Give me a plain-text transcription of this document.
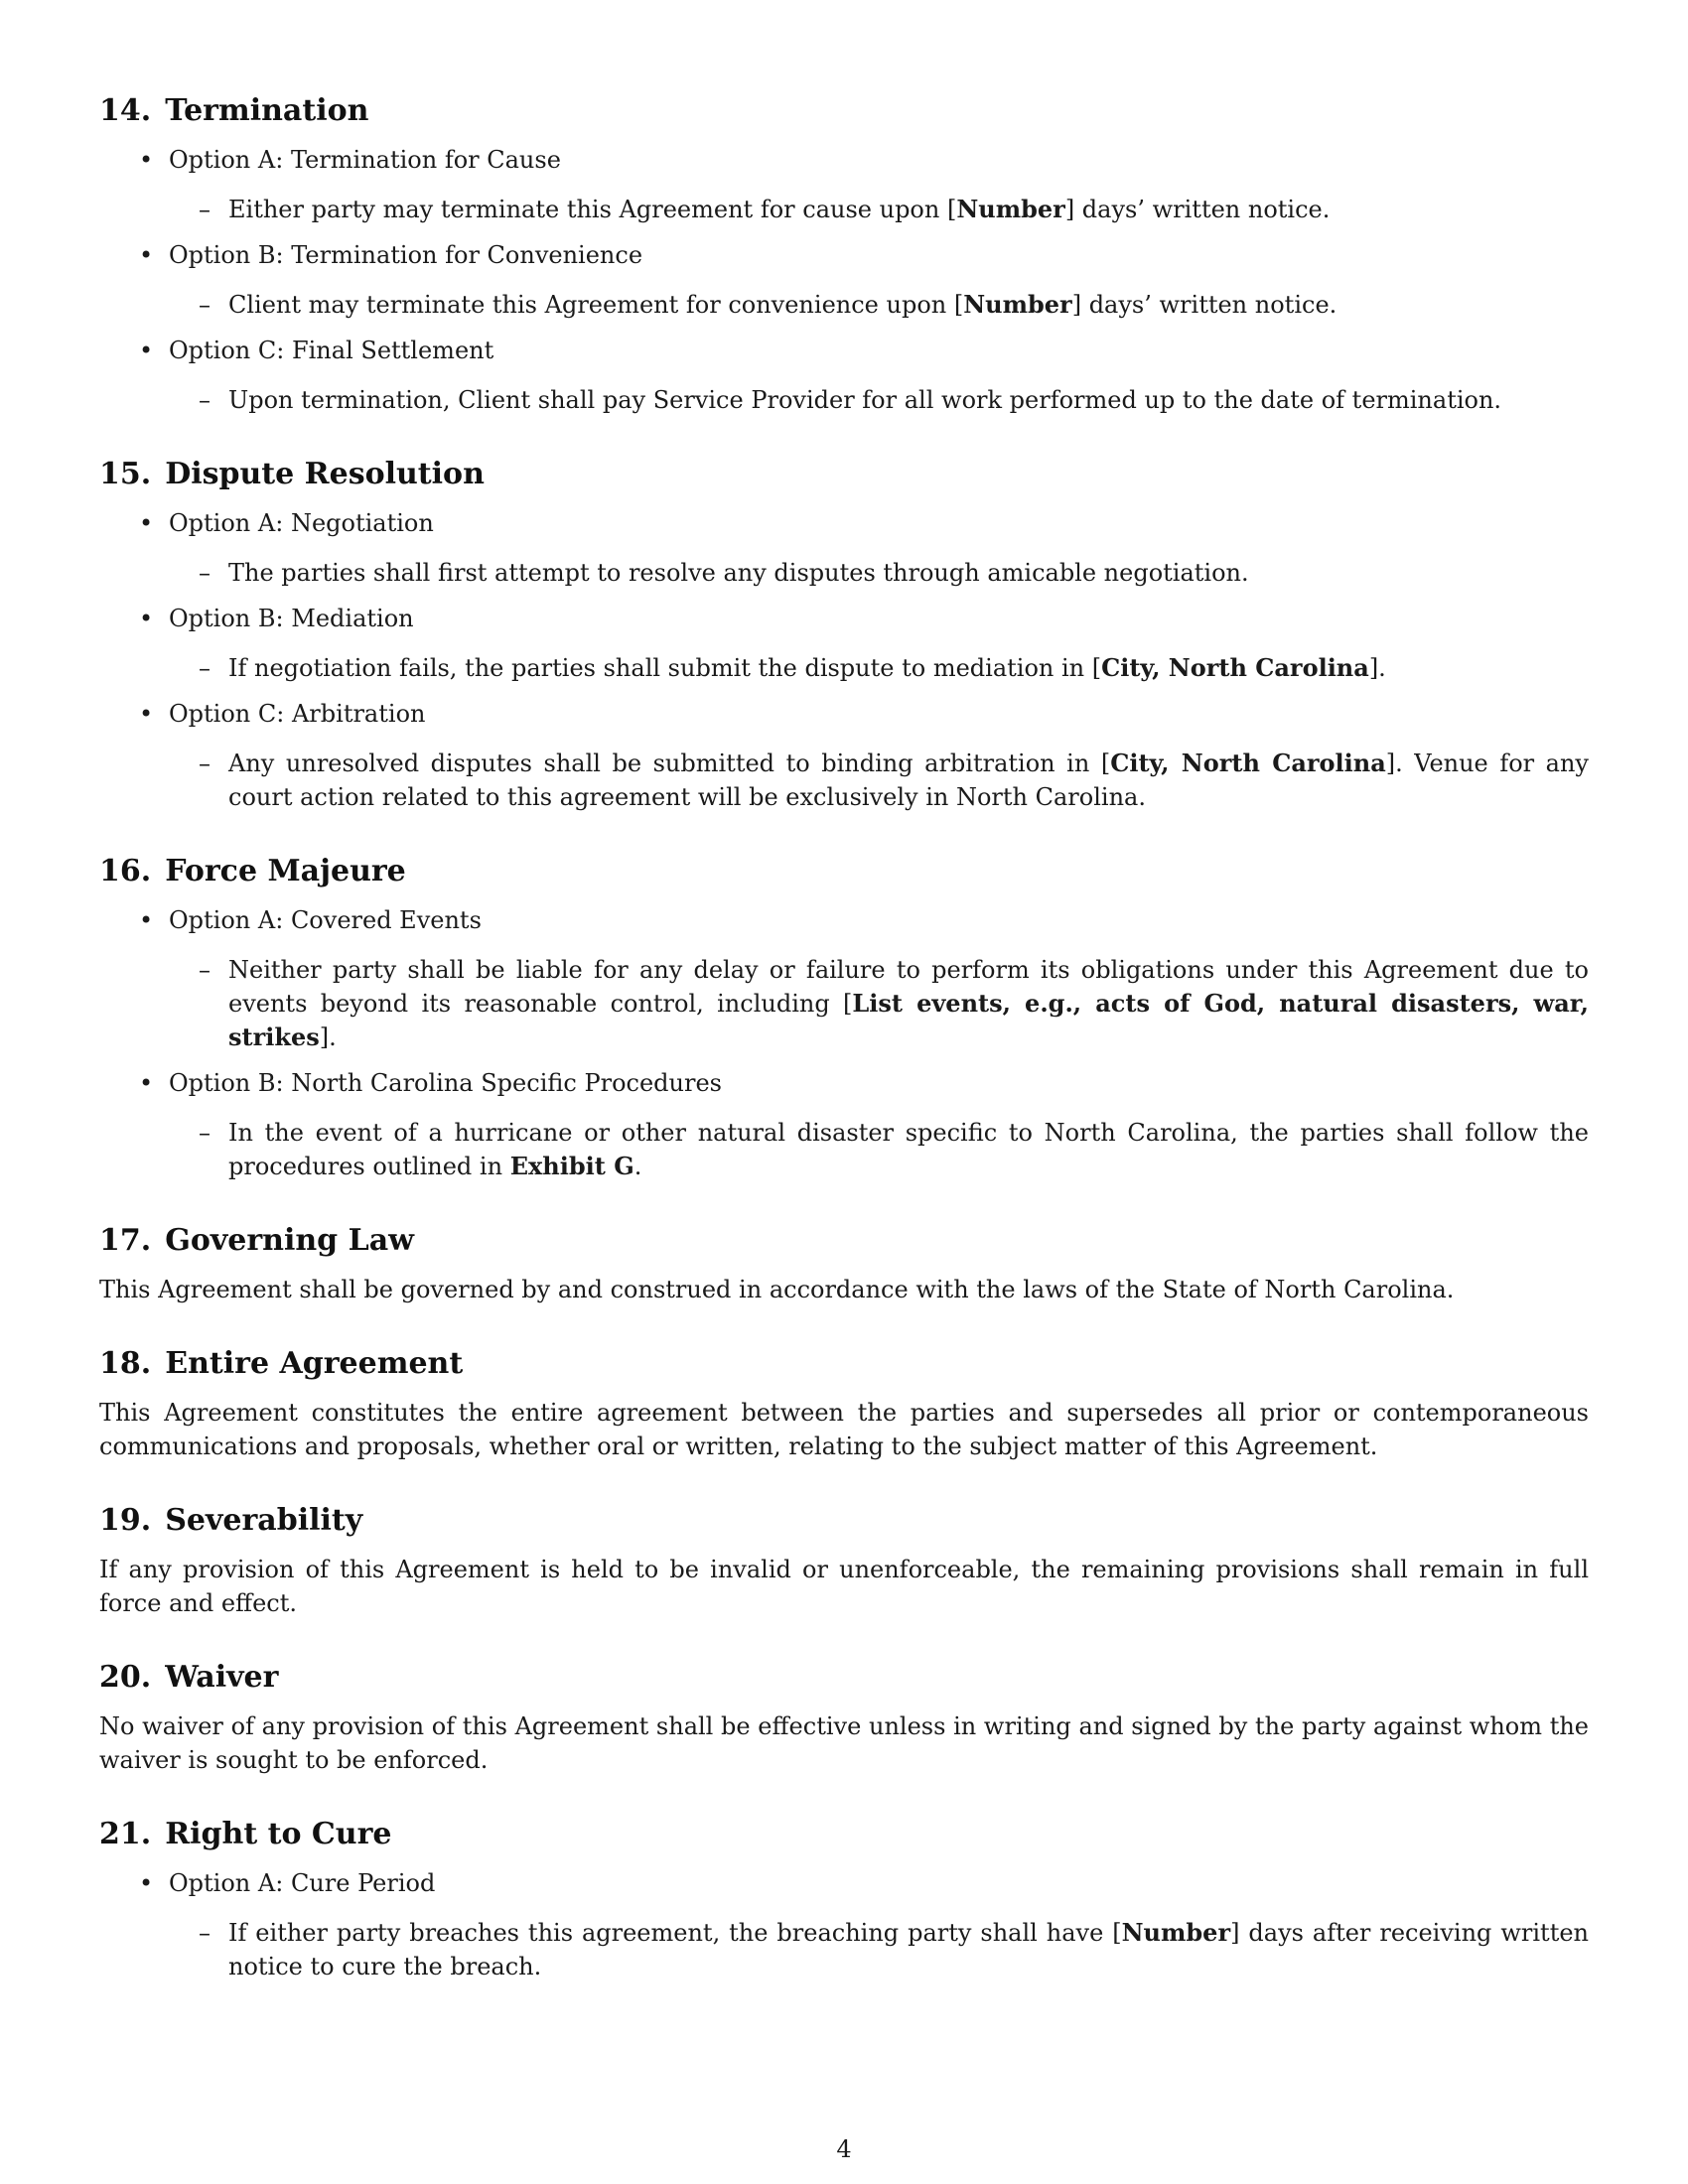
14. Termination
• Option A: Termination for Cause
– Either party may terminate this Agreement for cause upon [Number] days’ written notice.
• Option B: Termination for Convenience
– Client may terminate this Agreement for convenience upon [Number] days’ written notice.
• Option C: Final Settlement
– Upon termination, Client shall pay Service Provider for all work performed up to the date of termination.
15. Dispute Resolution
• Option A: Negotiation
– The parties shall first attempt to resolve any disputes through amicable negotiation.
• Option B: Mediation
– If negotiation fails, the parties shall submit the dispute to mediation in [City, North Carolina].
• Option C: Arbitration
– Any unresolved disputes shall be submitted to binding arbitration in [City, North Carolina]. Venue for any court action related to this agreement will be exclusively in North Carolina.
16. Force Majeure
• Option A: Covered Events
– Neither party shall be liable for any delay or failure to perform its obligations under this Agreement due to events beyond its reasonable control, including [List events, e.g., acts of God, natural disasters, war, strikes].
• Option B: North Carolina Specific Procedures
– In the event of a hurricane or other natural disaster specific to North Carolina, the parties shall follow the procedures outlined in Exhibit G.
17. Governing Law

This Agreement shall be governed by and construed in accordance with the laws of the State of North Carolina.

18. Entire Agreement

This Agreement constitutes the entire agreement between the parties and supersedes all prior or contemporaneous communications and proposals, whether oral or written, relating to the subject matter of this Agreement.

19. Severability

If any provision of this Agreement is held to be invalid or unenforceable, the remaining provisions shall remain in full force and effect.

20. Waiver

No waiver of any provision of this Agreement shall be effective unless in writing and signed by the party against whom the waiver is sought to be enforced.

21. Right to Cure
• Option A: Cure Period
– If either party breaches this agreement, the breaching party shall have [Number] days after receiving written notice to cure the breach.
4
